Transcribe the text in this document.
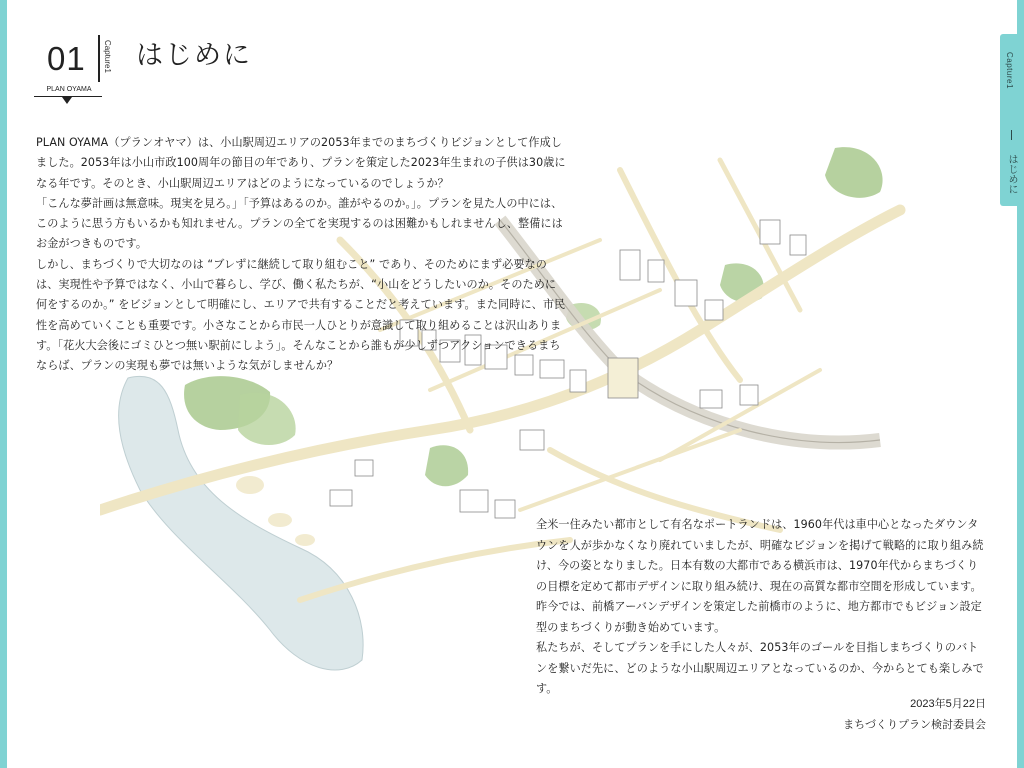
Capture1
はじめに
01 Capture1 はじめに
PLAN OYAMA

PLAN OYAMA（プランオヤマ）は、小山駅周辺エリアの2053年までのまちづくりビジョンとして作成しました。2053年は小山市政100周年の節目の年であり、プランを策定した2023年生まれの子供は30歳になる年です。そのとき、小山駅周辺エリアはどのようになっているのでしょうか？

「こんな夢計画は無意味。現実を見ろ。」「予算はあるのか。誰がやるのか。」。プランを見た人の中には、このように思う方もいるかも知れません。プランの全てを実現するのは困難かもしれませんし、整備にはお金がつきものです。

しかし、まちづくりで大切なのは “ブレずに継続して取り組むこと” であり、そのためにまず必要なのは、実現性や予算ではなく、小山で暮らし、学び、働く私たちが、“小山をどうしたいのか。そのために何をするのか。” をビジョンとして明確にし、エリアで共有することだと考えています。また同時に、市民性を高めていくことも重要です。小さなことから市民一人ひとりが意識して取り組めることは沢山あります。「花火大会後にゴミひとつ無い駅前にしよう」。そんなことから誰もが少しずつアクションできるまちならば、プランの実現も夢では無いような気がしませんか？

全米一住みたい都市として有名なポートランドは、1960年代は車中心となったダウンタウンを人が歩かなくなり廃れていましたが、明確なビジョンを掲げて戦略的に取り組み続け、今の姿となりました。日本有数の大都市である横浜市は、1970年代からまちづくりの目標を定めて都市デザインに取り組み続け、現在の高質な都市空間を形成しています。昨今では、前橋アーバンデザインを策定した前橋市のように、地方都市でもビジョン設定型のまちづくりが動き始めています。

私たちが、そしてプランを手にした人々が、2053年のゴールを目指しまちづくりのバトンを繋いだ先に、どのような小山駅周辺エリアとなっているのか、今からとても楽しみです。

2023年5月22日
まちづくりプラン検討委員会
